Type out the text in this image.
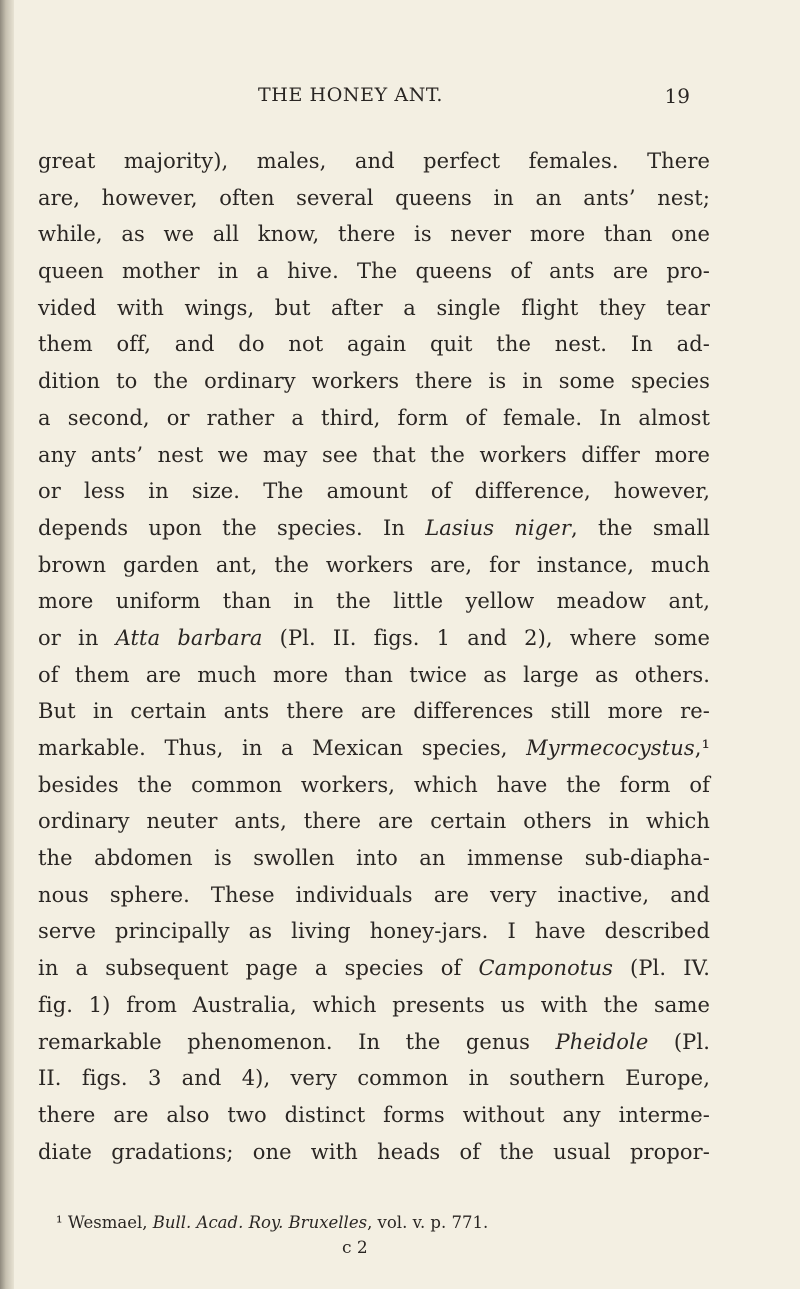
THE HONEY ANT.	19
great majority), males, and perfect females. There
are, however, often several queens in an ants’ nest;
while, as we all know, there is never more than one
queen mother in a hive. The queens of ants are pro-
vided with wings, but after a single flight they tear
them off, and do not again quit the nest. In ad-
dition to the ordinary workers there is in some species
a second, or rather a third, form of female. In almost
any ants’ nest we may see that the workers differ more
or less in size. The amount of difference, however,
depends upon the species. In Lasius niger, the small
brown garden ant, the workers are, for instance, much
more uniform than in the little yellow meadow ant,
or in Atta barbara (Pl. II. figs. 1 and 2), where some
of them are much more than twice as large as others.
But in certain ants there are differences still more re-
markable. Thus, in a Mexican species, Myrmecocystus,¹
besides the common workers, which have the form of
ordinary neuter ants, there are certain others in which
the abdomen is swollen into an immense sub-diapha-
nous sphere. These individuals are very inactive, and
serve principally as living honey-jars. I have described
in a subsequent page a species of Camponotus (Pl. IV.
fig. 1) from Australia, which presents us with the same
remarkable phenomenon. In the genus Pheidole (Pl.
II. figs. 3 and 4), very common in southern Europe,
there are also two distinct forms without any interme-
diate gradations; one with heads of the usual propor-
¹ Wesmael, Bull. Acad. Roy. Bruxelles, vol. v. p. 771.
c 2
